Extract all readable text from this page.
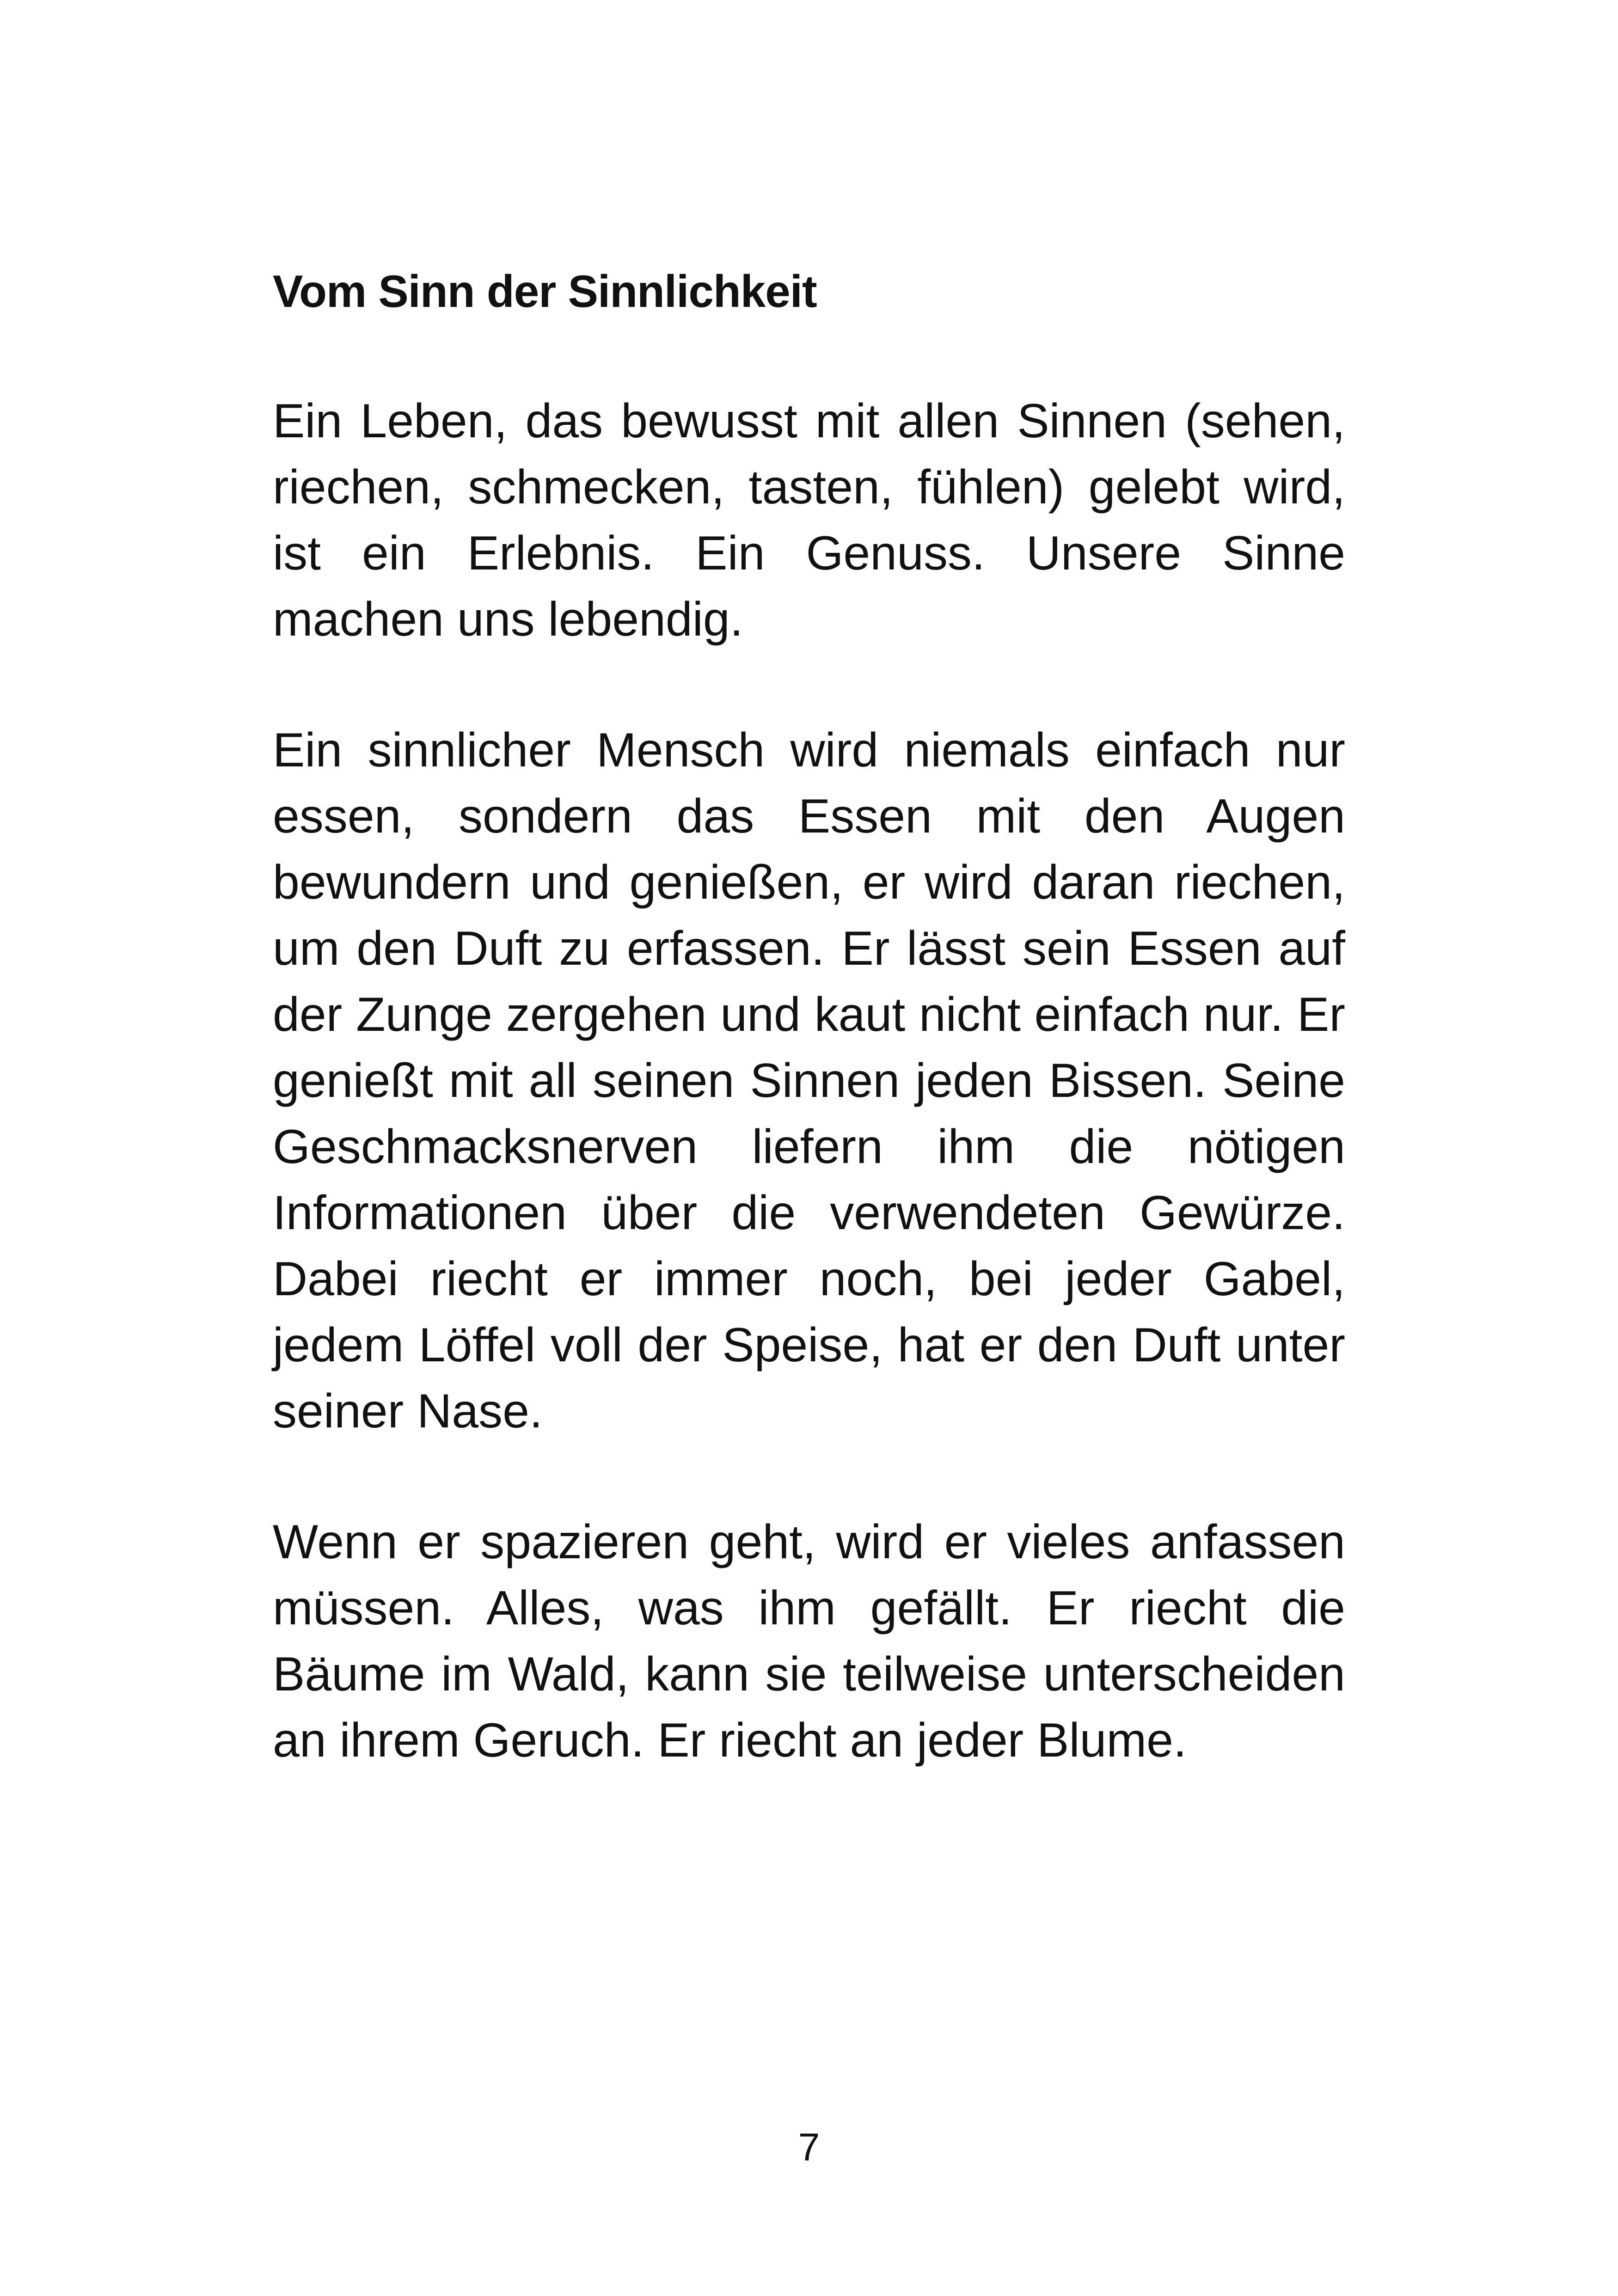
Vom Sinn der Sinnlichkeit

Ein Leben, das bewusst mit allen Sinnen (sehen, riechen, schmecken, tasten, fühlen) gelebt wird, ist ein Erlebnis. Ein Genuss. Unsere Sinne machen uns lebendig.

Ein sinnlicher Mensch wird niemals einfach nur essen, sondern das Essen mit den Augen bewundern und genießen, er wird daran riechen, um den Duft zu erfassen. Er lässt sein Essen auf der Zunge zergehen und kaut nicht einfach nur. Er genießt mit all seinen Sinnen jeden Bissen. Seine Geschmacksnerven liefern ihm die nötigen Informationen über die verwendeten Gewürze. Dabei riecht er immer noch, bei jeder Gabel, jedem Löffel voll der Speise, hat er den Duft unter seiner Nase.

Wenn er spazieren geht, wird er vieles anfassen müssen. Alles, was ihm gefällt. Er riecht die Bäume im Wald, kann sie teilweise unterscheiden an ihrem Geruch. Er riecht an jeder Blume.

7
